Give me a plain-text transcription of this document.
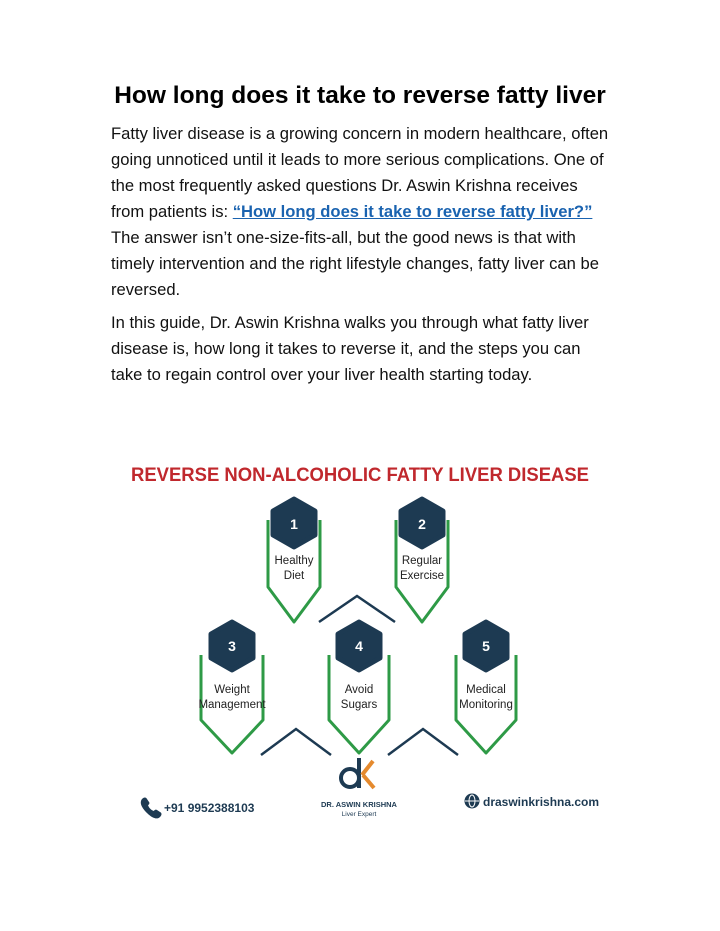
How long does it take to reverse fatty liver

Fatty liver disease is a growing concern in modern healthcare, often going unnoticed until it leads to more serious complications. One of the most frequently asked questions Dr. Aswin Krishna receives from patients is: “How long does it take to reverse fatty liver?” The answer isn’t one-size-fits-all, but the good news is that with timely intervention and the right lifestyle changes, fatty liver can be reversed.

In this guide, Dr. Aswin Krishna walks you through what fatty liver disease is, how long it takes to reverse it, and the steps you can take to regain control over your liver health starting today.

REVERSE NON-ALCOHOLIC FATTY LIVER DISEASE
1
Healthy
Diet
2
Regular
Exercise
3
Weight
Management
4
Avoid
Sugars
5
Medical
Monitoring
+91 9952388103	DR. ASWIN KRISHNA
Liver Expert
draswinkrishna.com
